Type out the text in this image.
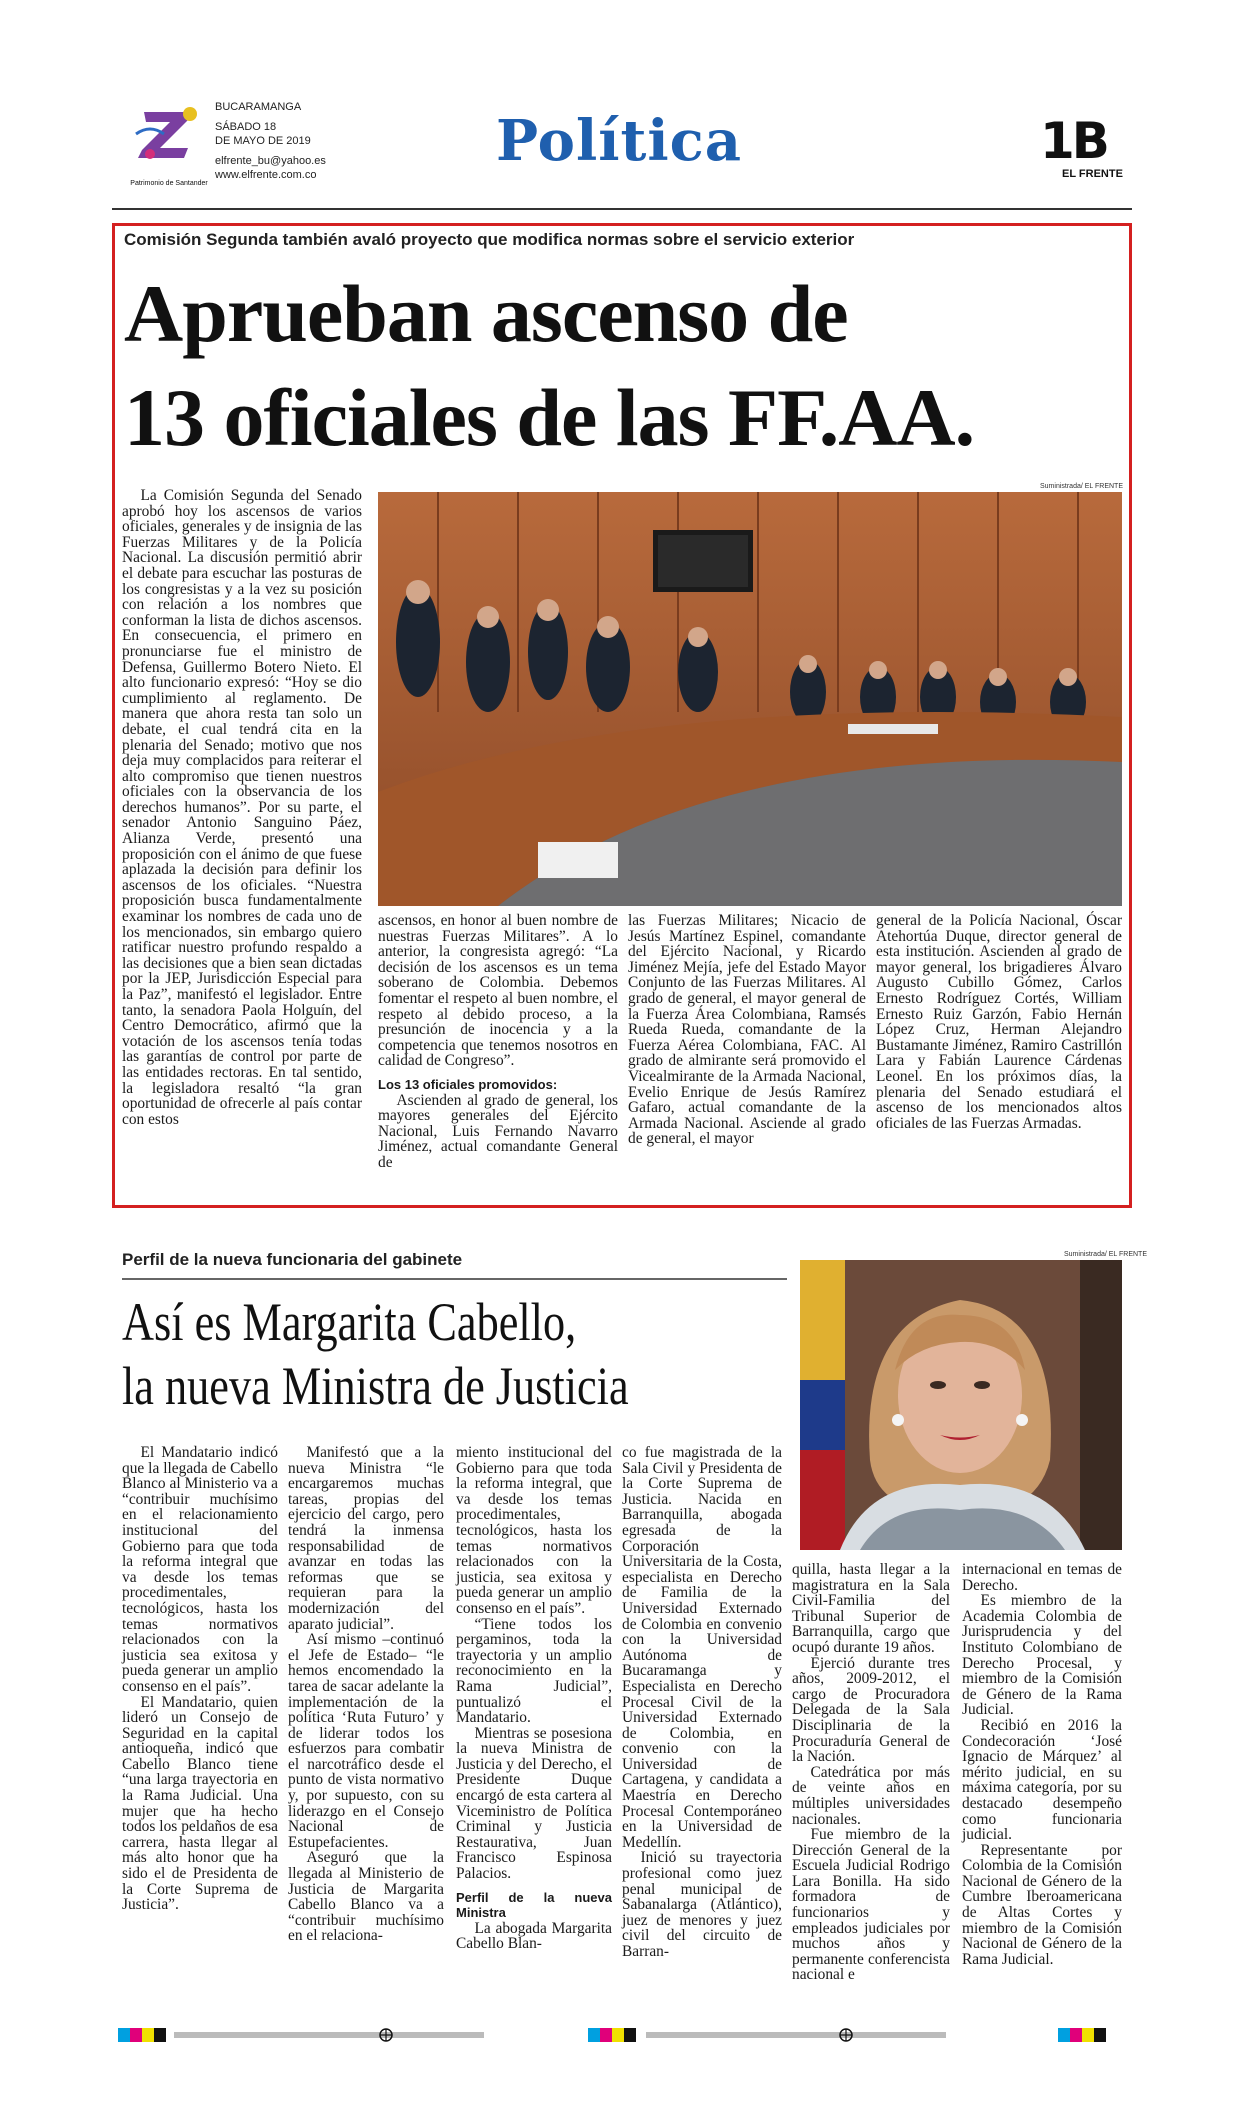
Patrimonio de Santander
BUCARAMANGA
SÁBADO 18
DE MAYO DE 2019
elfrente_bu@yahoo.es
www.elfrente.com.co
Política	1B
EL FRENTE
Comisión Segunda también avaló proyecto que modifica normas sobre el servicio exterior
Aprueban ascenso de
13 oficiales de las FF.AA.
Suministrada/ EL FRENTE

La Comisión Segunda del Senado aprobó hoy los ascensos de varios oficiales, generales y de insignia de las Fuerzas Militares y de la Policía Nacional. La discusión permitió abrir el debate para escuchar las posturas de los congresistas y a la vez su posición con relación a los nombres que conforman la lista de dichos ascensos. En consecuencia, el primero en pronunciarse fue el ministro de Defensa, Guillermo Botero Nieto. El alto funcionario expresó: “Hoy se dio cumplimiento al reglamento. De manera que ahora resta tan solo un debate, el cual tendrá cita en la plenaria del Senado; motivo que nos deja muy complacidos para reiterar el alto compromiso que tienen nuestros oficiales con la observancia de los derechos humanos”. Por su parte, el senador Antonio Sanguino Páez, Alianza Verde, presentó una proposición con el ánimo de que fuese aplazada la decisión para definir los ascensos de los oficiales. “Nuestra proposición busca fundamentalmente examinar los nombres de cada uno de los mencionados, sin embargo quiero ratificar nuestro profundo respaldo a las decisiones que a bien sean dictadas por la JEP, Jurisdicción Especial para la Paz”, manifestó el legislador. Entre tanto, la senadora Paola Holguín, del Centro Democrático, afirmó que la votación de los ascensos tenía todas las garantías de control por parte de las entidades rectoras. En tal sentido, la legisladora resaltó “la gran oportunidad de ofrecerle al país contar con estos

ascensos, en honor al buen nombre de nuestras Fuerzas Militares”. A lo anterior, la congresista agregó: “La decisión de los ascensos es un tema soberano de Colombia. Debemos fomentar el respeto al buen nombre, el respeto al debido proceso, a la presunción de inocencia y a la competencia que tenemos nosotros en calidad de Congreso”.

Los 13 oficiales promovidos:

Ascienden al grado de general, los mayores generales del Ejército Nacional, Luis Fernando Navarro Jiménez, actual comandante General de

las Fuerzas Militares; Nicacio de Jesús Martínez Espinel, comandante del Ejército Nacional, y Ricardo Jiménez Mejía, jefe del Estado Mayor Conjunto de las Fuerzas Militares. Al grado de general, el mayor general de la Fuerza Área Colombiana, Ramsés Rueda Rueda, comandante de la Fuerza Aérea Colombiana, FAC. Al grado de almirante será promovido el Vicealmirante de la Armada Nacional, Evelio Enrique de Jesús Ramírez Gafaro, actual comandante de la Armada Nacional. Asciende al grado de general, el mayor

general de la Policía Nacional, Óscar Atehortúa Duque, director general de esta institución. Ascienden al grado de mayor general, los brigadieres Álvaro Augusto Cubillo Gómez, Carlos Ernesto Rodríguez Cortés, William Ernesto Ruiz Garzón, Fabio Hernán López Cruz, Herman Alejandro Bustamante Jiménez, Ramiro Castrillón Lara y Fabián Laurence Cárdenas Leonel. En los próximos días, la plenaria del Senado estudiará el ascenso de los mencionados altos oficiales de las Fuerzas Armadas.

Perfil de la nueva funcionaria del gabinete
Así es Margarita Cabello,
la nueva Ministra de Justicia
Suministrada/ EL FRENTE

El Mandatario indicó que la llegada de Cabello Blanco al Ministerio va a “contribuir muchísimo en el relacionamiento institucional del Gobierno para que toda la reforma integral que va desde los temas procedimentales, tecnológicos, hasta los temas normativos relacionados con la justicia sea exitosa y pueda generar un amplio consenso en el país”.

El Mandatario, quien lideró un Consejo de Seguridad en la capital antioqueña, indicó que Cabello Blanco tiene “una larga trayectoria en la Rama Judicial. Una mujer que ha hecho todos los peldaños de esa carrera, hasta llegar al más alto honor que ha sido el de Presidenta de la Corte Suprema de Justicia”.

Manifestó que a la nueva Ministra “le encargaremos muchas tareas, propias del ejercicio del cargo, pero tendrá la inmensa responsabilidad de avanzar en todas las reformas que se requieran para la modernización del aparato judicial”.

Así mismo –continuó el Jefe de Estado– “le hemos encomendado la tarea de sacar adelante la implementación de la política ‘Ruta Futuro’ y de liderar todos los esfuerzos para combatir el narcotráfico desde el punto de vista normativo y, por supuesto, con su liderazgo en el Consejo Nacional de Estupefacientes.

Aseguró que la llegada al Ministerio de Justicia de Margarita Cabello Blanco va a “contribuir muchísimo en el relaciona-

miento institucional del Gobierno para que toda la reforma integral, que va desde los temas procedimentales, tecnológicos, hasta los temas normativos relacionados con la justicia, sea exitosa y pueda generar un amplio consenso en el país”.

“Tiene todos los pergaminos, toda la trayectoria y un amplio reconocimiento en la Rama Judicial”, puntualizó el Mandatario.

Mientras se posesiona la nueva Ministra de Justicia y del Derecho, el Presidente Duque encargó de esta cartera al Viceministro de Política Criminal y Justicia Restaurativa, Juan Francisco Espinosa Palacios.

Perfil de la nueva Ministra

La abogada Margarita Cabello Blan-

co fue magistrada de la Sala Civil y Presidenta de la Corte Suprema de Justicia. Nacida en Barranquilla, abogada egresada de la Corporación Universitaria de la Costa, especialista en Derecho de Familia de la Universidad Externado de Colombia en convenio con la Universidad Autónoma de Bucaramanga y Especialista en Derecho Procesal Civil de la Universidad Externado de Colombia, en convenio con la Universidad de Cartagena, y candidata a Maestría en Derecho Procesal Contemporáneo en la Universidad de Medellín.

Inició su trayectoria profesional como juez penal municipal de Sabanalarga (Atlántico), juez de menores y juez civil del circuito de Barran-

quilla, hasta llegar a la magistratura en la Sala Civil-Familia del Tribunal Superior de Barranquilla, cargo que ocupó durante 19 años.

Ejerció durante tres años, 2009-2012, el cargo de Procuradora Delegada de la Sala Disciplinaria de la Procuraduría General de la Nación.

Catedrática por más de veinte años en múltiples universidades nacionales.

Fue miembro de la Dirección General de la Escuela Judicial Rodrigo Lara Bonilla. Ha sido formadora de funcionarios y empleados judiciales por muchos años y permanente conferencista nacional e

internacional en temas de Derecho.

Es miembro de la Academia Colombia de Jurisprudencia y del Instituto Colombiano de Derecho Procesal, y miembro de la Comisión de Género de la Rama Judicial.

Recibió en 2016 la Condecoración ‘José Ignacio de Márquez’ al mérito judicial, en su máxima categoría, por su destacado desempeño como funcionaria judicial.

Representante por Colombia de la Comisión Nacional de Género de la Cumbre Iberoamericana de Altas Cortes y miembro de la Comisión Nacional de Género de la Rama Judicial.
